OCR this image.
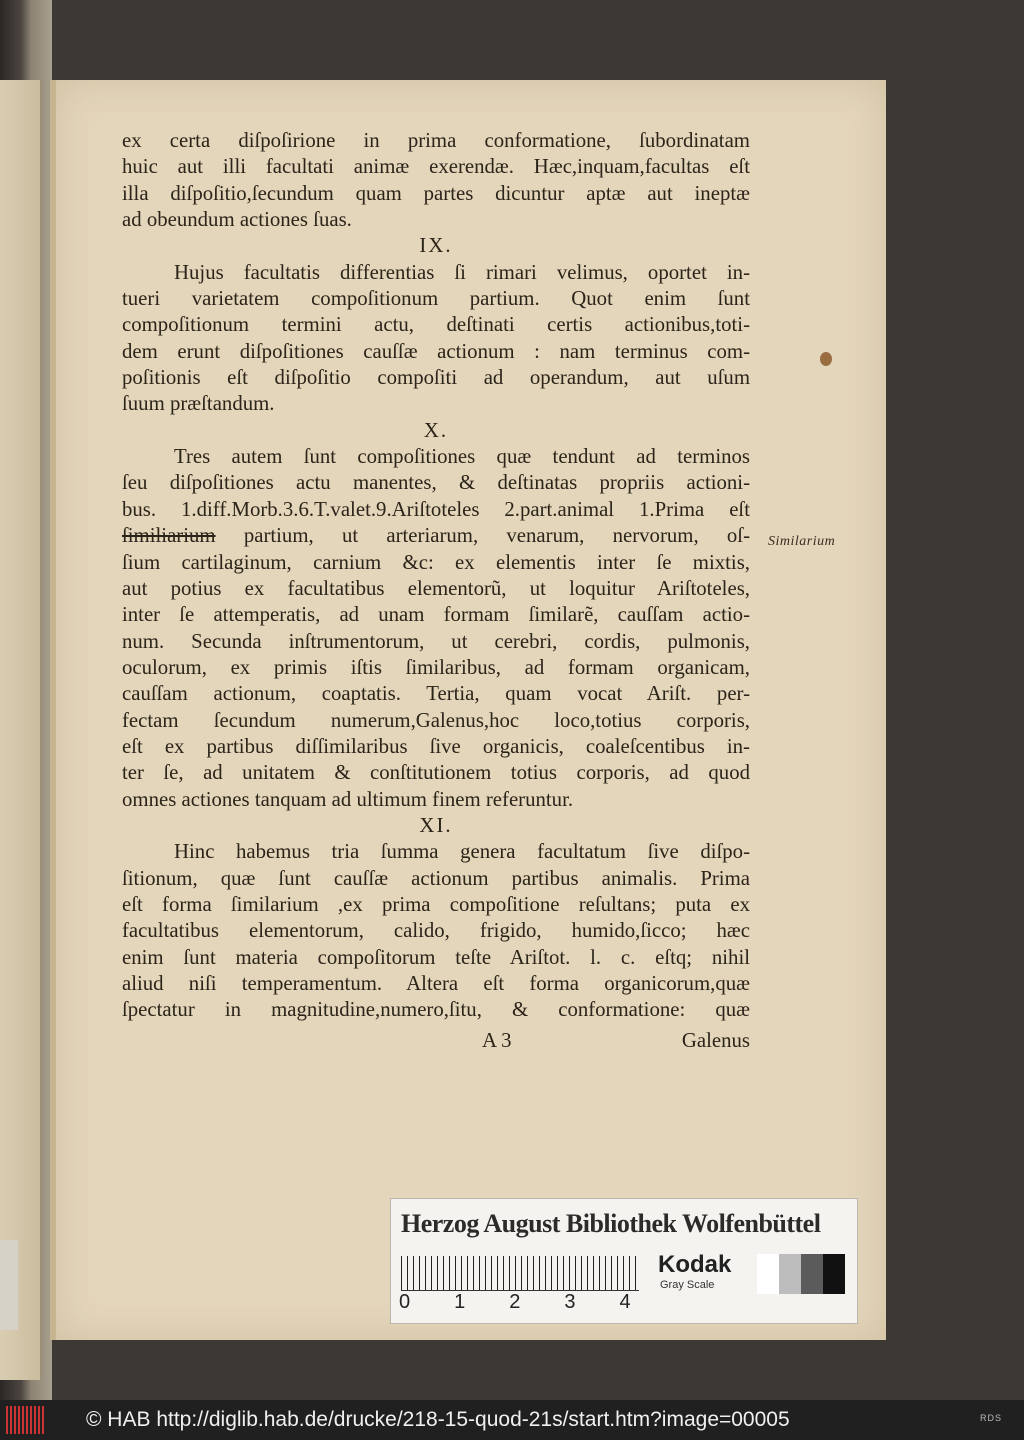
ex certa diſpoſirione in prima conformatione, ſubordinatam
huic aut illi facultati animæ exerendæ. Hæc,inquam,facultas eſt
illa diſpoſitio,ſecundum quam partes dicuntur aptæ aut ineptæ
ad obeundum actiones ſuas.
IX.
Hujus facultatis differentias ſi rimari velimus, oportet in-
tueri varietatem compoſitionum partium. Quot enim ſunt
compoſitionum termini actu, deſtinati certis actionibus,toti-
dem erunt diſpoſitiones cauſſæ actionum : nam terminus com-
poſitionis eſt diſpoſitio compoſiti ad operandum, aut uſum
ſuum præſtandum.
X.
Tres autem ſunt compoſitiones quæ tendunt ad terminos
ſeu diſpoſitiones actu manentes, & deſtinatas propriis actioni-
bus. 1.diff.Morb.3.6.T.valet.9.Ariſtoteles 2.part.animal 1.Prima eſt
ſimiliarium partium, ut arteriarum, venarum, nervorum, oſ-
ſium cartilaginum, carnium &c: ex elementis inter ſe mixtis,
aut potius ex facultatibus elementorũ, ut loquitur Ariſtoteles,
inter ſe attemperatis, ad unam formam ſimilarẽ, cauſſam actio-
num. Secunda inſtrumentorum, ut cerebri, cordis, pulmonis,
oculorum, ex primis iſtis ſimilaribus, ad formam organicam,
cauſſam actionum, coaptatis. Tertia, quam vocat Ariſt. per-
fectam ſecundum numerum,Galenus,hoc loco,totius corporis,
eſt ex partibus diſſimilaribus ſive organicis, coaleſcentibus in-
ter ſe, ad unitatem & conſtitutionem totius corporis, ad quod
omnes actiones tanquam ad ultimum finem referuntur.
XI.
Hinc habemus tria ſumma genera facultatum ſive diſpo-
ſitionum, quæ ſunt cauſſæ actionum partibus animalis. Prima
eſt forma ſimilarium ,ex prima compoſitione reſultans; puta ex
facultatibus elementorum, calido, frigido, humido,ſicco; hæc
enim ſunt materia compoſitorum teſte Ariſtot. l. c. eſtq; nihil
aliud niſi temperamentum. Altera eſt forma organicorum,quæ
ſpectatur in magnitudine,numero,ſitu, & conformatione: quæ
A 3	Galenus
Similarium
Herzog August Bibliothek Wolfenbüttel
0 1 2 3 4
Kodak
Gray Scale
© HAB http://diglib.hab.de/drucke/218-15-quod-21s/start.htm?image=00005	RDS
